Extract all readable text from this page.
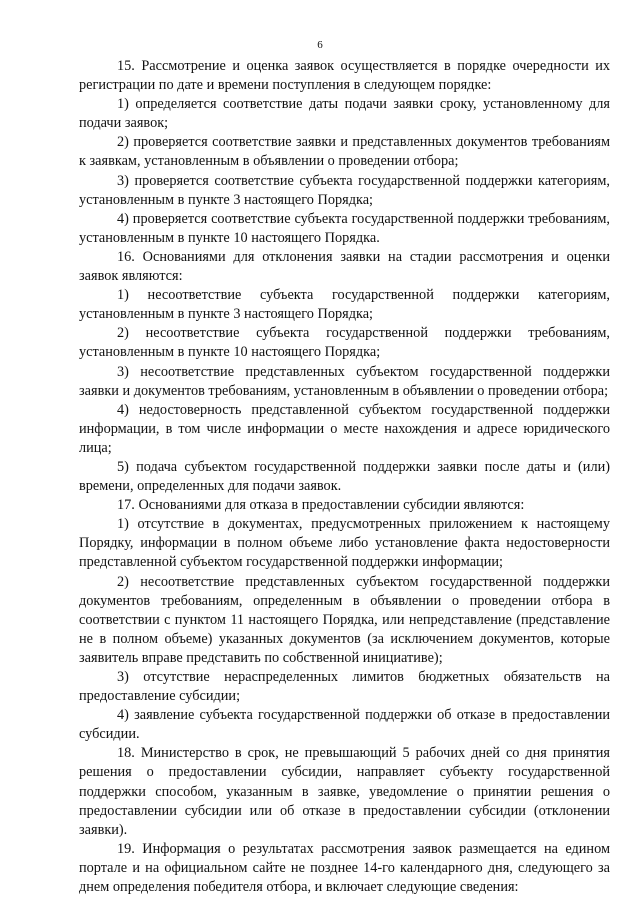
6

15. Рассмотрение и оценка заявок осуществляется в порядке очередности их регистрации по дате и времени поступления в следующем порядке:

1) определяется соответствие даты подачи заявки сроку, установленному для подачи заявок;

2) проверяется соответствие заявки и представленных документов требованиям к заявкам, установленным в объявлении о проведении отбора;

3) проверяется соответствие субъекта государственной поддержки категориям, установленным в пункте 3 настоящего Порядка;

4) проверяется соответствие субъекта государственной поддержки требованиям, установленным в пункте 10 настоящего Порядка.

16. Основаниями для отклонения заявки на стадии рассмотрения и оценки заявок являются:

1) несоответствие субъекта государственной поддержки категориям, установленным в пункте 3 настоящего Порядка;

2) несоответствие субъекта государственной поддержки требованиям, установленным в пункте 10 настоящего Порядка;

3) несоответствие представленных субъектом государственной поддержки заявки и документов требованиям, установленным в объявлении о проведении отбора;

4) недостоверность представленной субъектом государственной поддержки информации, в том числе информации о месте нахождения и адресе юридического лица;

5) подача субъектом государственной поддержки заявки после даты и (или) времени, определенных для подачи заявок.

17. Основаниями для отказа в предоставлении субсидии являются:

1) отсутствие в документах, предусмотренных приложением к настоящему Порядку, информации в полном объеме либо установление факта недостоверности представленной субъектом государственной поддержки информации;

2) несоответствие представленных субъектом государственной поддержки документов требованиям, определенным в объявлении о проведении отбора в соответствии с пунктом 11 настоящего Порядка, или непредставление (представление не в полном объеме) указанных документов (за исключением документов, которые заявитель вправе представить по собственной инициативе);

3) отсутствие нераспределенных лимитов бюджетных обязательств на предоставление субсидии;

4) заявление субъекта государственной поддержки об отказе в предоставлении субсидии.

18. Министерство в срок, не превышающий 5 рабочих дней со дня принятия решения о предоставлении субсидии, направляет субъекту государственной поддержки способом, указанным в заявке, уведомление о принятии решения о предоставлении субсидии или об отказе в предоставлении субсидии (отклонении заявки).

19. Информация о результатах рассмотрения заявок размещается на едином портале и на официальном сайте не позднее 14-го календарного дня, следующего за днем определения победителя отбора, и включает следующие сведения:
